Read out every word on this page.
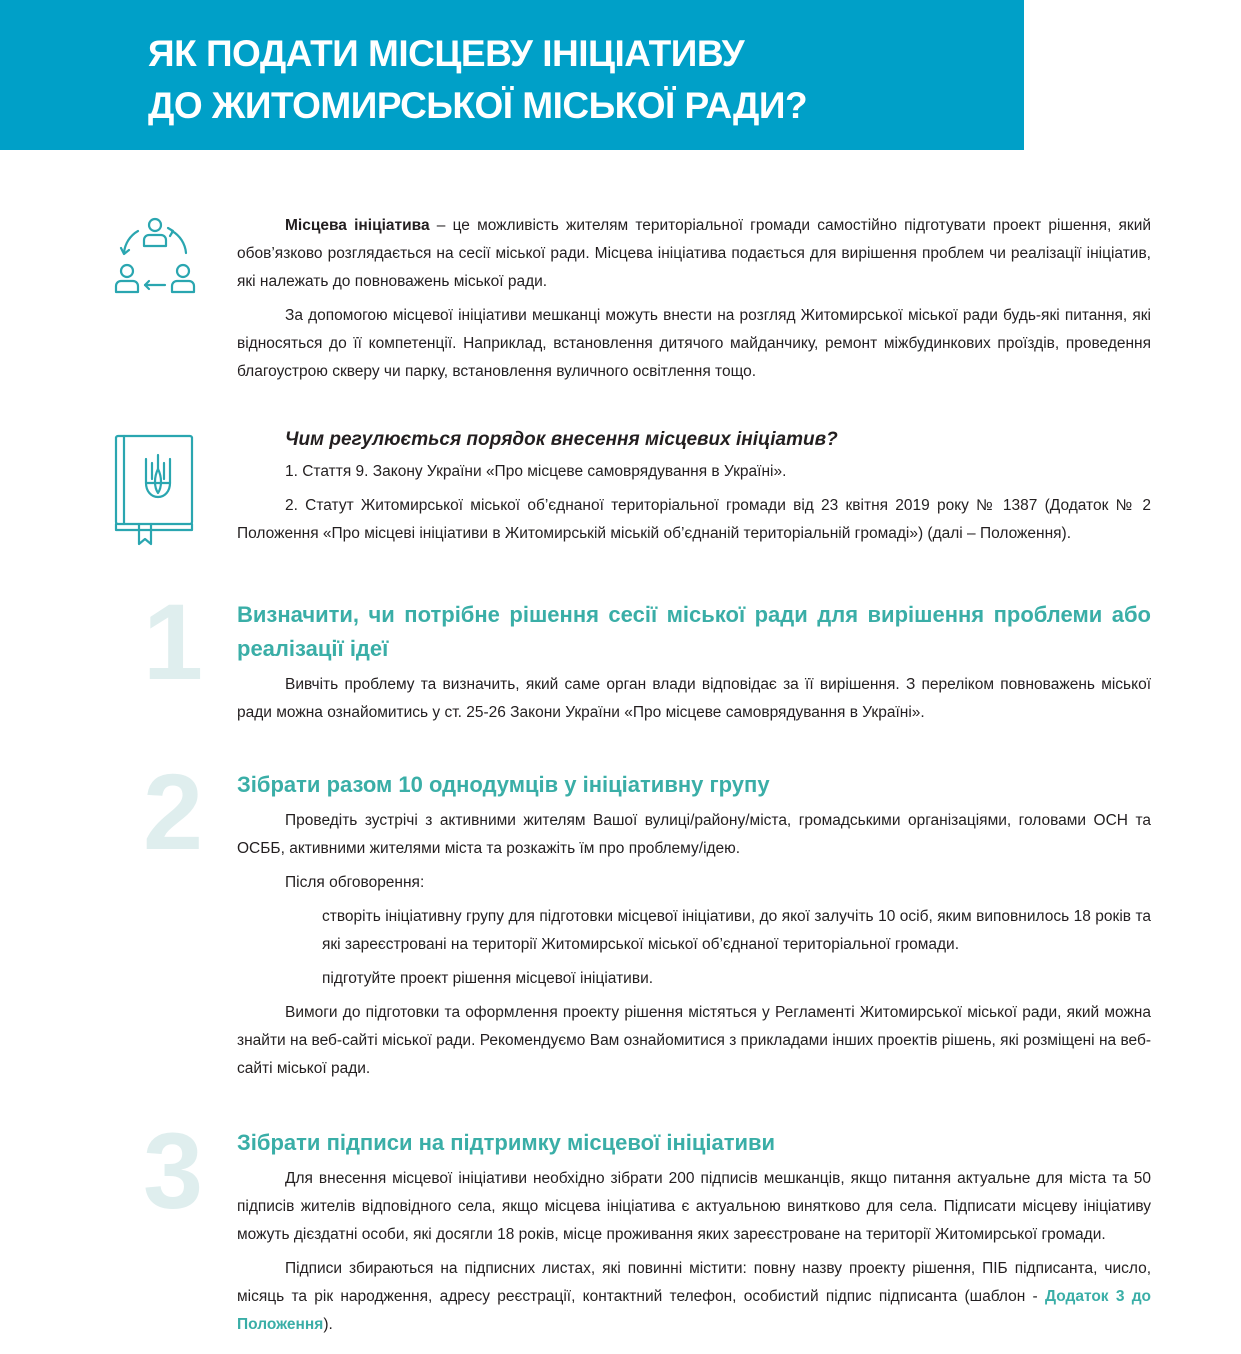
ЯК ПОДАТИ МІСЦЕВУ ІНІЦІАТИВУ
ДО ЖИТОМИРСЬКОЇ МІСЬКОЇ РАДИ?

Місцева ініціатива – це можливість жителям територіальної громади самостійно підготувати проект рішення, який обов’язково розглядається на сесії міської ради. Місцева ініціатива подається для вирішення проблем чи реалізації ініціатив, які належать до повноважень міської ради.

За допомогою місцевої ініціативи мешканці можуть внести на розгляд Житомирської міської ради будь-які питання, які відносяться до її компетенції. Наприклад, встановлення дитячого майданчику, ремонт міжбудинкових проїздів, проведення благоустрою скверу чи парку, встановлення вуличного освітлення тощо.

Чим регулюється порядок внесення місцевих ініціатив?

1. Стаття 9. Закону України «Про місцеве самоврядування в Україні».

2. Статут Житомирської міської об’єднаної територіальної громади від 23 квітня 2019 року № 1387 (Додаток № 2 Положення «Про місцеві ініціативи в Житомирській міській об’єднаній територіальній громаді») (далі – Положення).

1 Визначити, чи потрібне рішення сесії міської ради для вирішення проблеми або реалізації ідеї

Вивчіть проблему та визначить, який саме орган влади відповідає за її вирішення. З переліком повноважень міської ради можна ознайомитись у ст. 25-26 Закони України «Про місцеве самоврядування в Україні».

2 Зібрати разом 10 однодумців у ініціативну групу

Проведіть зустрічі з активними жителям Вашої вулиці/району/міста, громадськими організаціями, головами ОСН та ОСББ, активними жителями міста та розкажіть їм про проблему/ідею.

Після обговорення:

створіть ініціативну групу для підготовки місцевої ініціативи, до якої залучіть 10 осіб, яким виповнилось 18 років та які зареєстровані на території Житомирської міської об’єднаної територіальної громади.

підготуйте проект рішення місцевої ініціативи.

Вимоги до підготовки та оформлення проекту рішення містяться у Регламенті Житомирської міської ради, який можна знайти на веб-сайті міської ради. Рекомендуємо Вам ознайомитися з прикладами інших проектів рішень, які розміщені на веб-сайті міської ради.

3 Зібрати підписи на підтримку місцевої ініціативи

Для внесення місцевої ініціативи необхідно зібрати 200 підписів мешканців, якщо питання актуальне для міста та 50 підписів жителів відповідного села, якщо місцева ініціатива є актуальною винятково для села. Підписати місцеву ініціативу можуть дієздатні особи, які досягли 18 років, місце проживання яких зареєстроване на території Житомирської громади.

Підписи збираються на підписних листах, які повинні містити: повну назву проекту рішення, ПІБ підписанта, число, місяць та рік народження, адресу реєстрації, контактний телефон, особистий підпис підписанта (шаблон - Додаток 3 до Положення).
